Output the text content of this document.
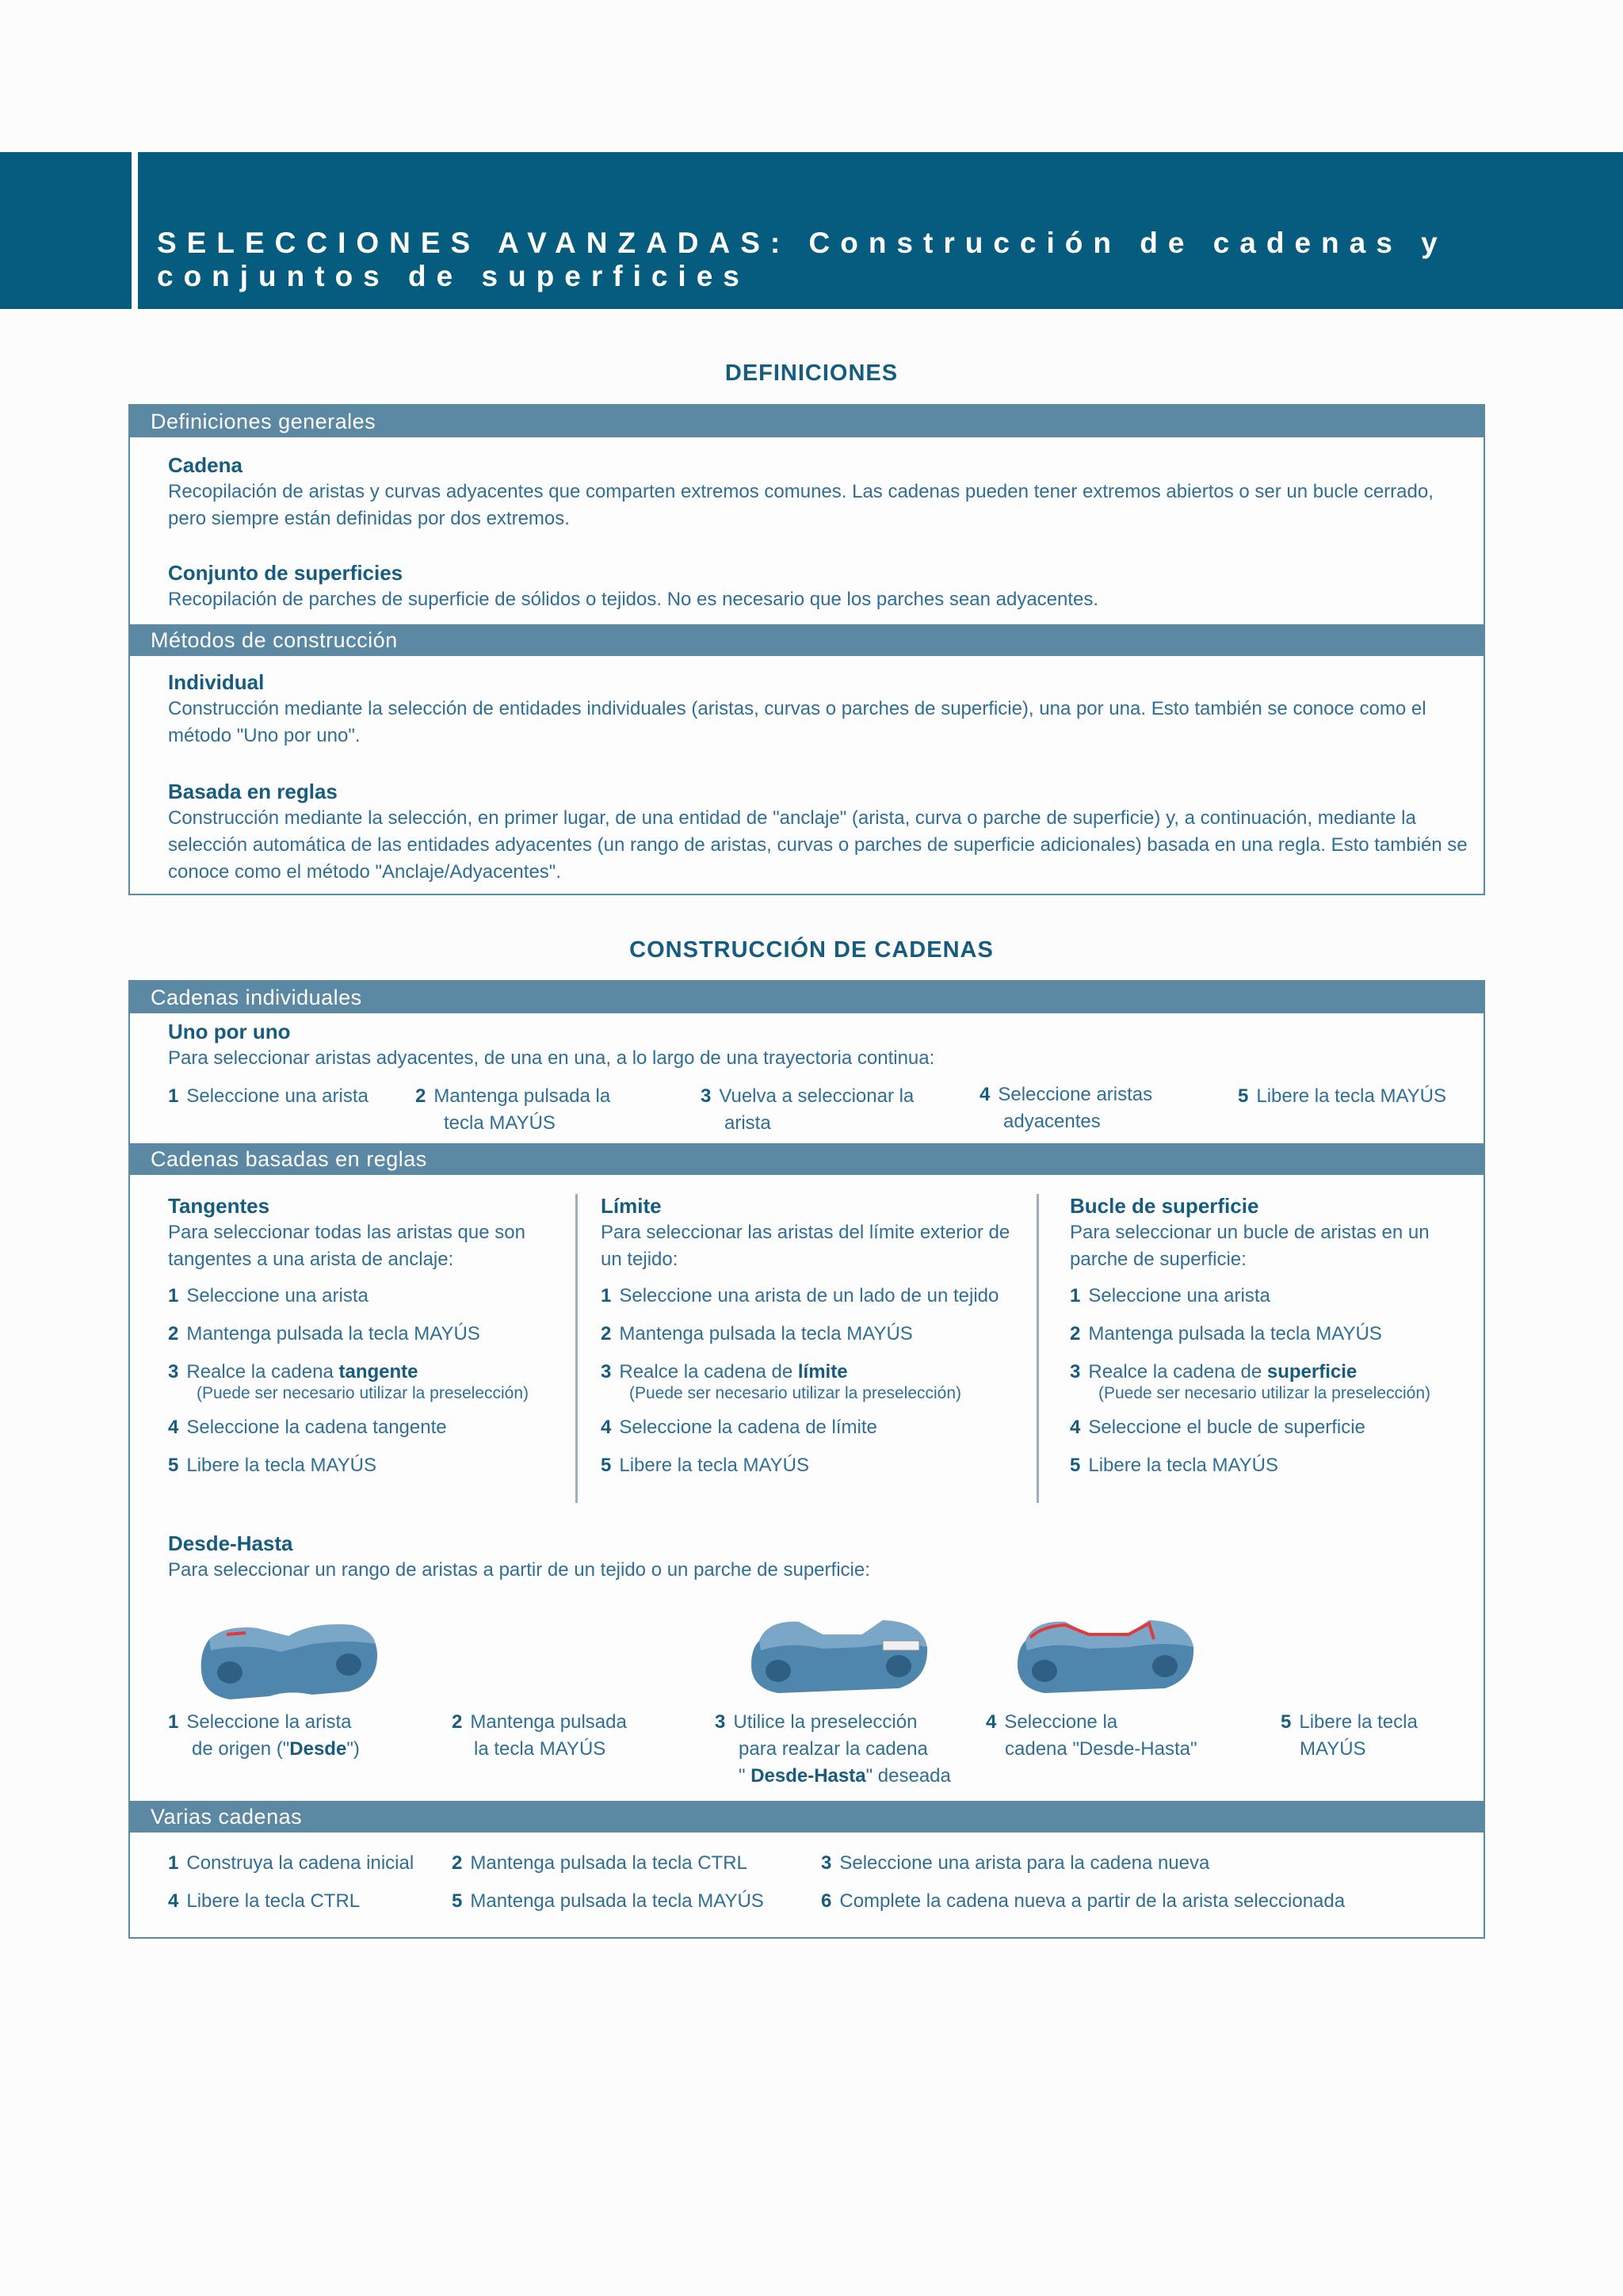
SELECCIONES AVANZADAS: Construcción de cadenas y conjuntos de superficies
DEFINICIONES
Definiciones generales
Cadena
Recopilación de aristas y curvas adyacentes que comparten extremos comunes. Las cadenas pueden tener extremos abiertos o ser un bucle cerrado, pero siempre están definidas por dos extremos.
Conjunto de superficies
Recopilación de parches de superficie de sólidos o tejidos. No es necesario que los parches sean adyacentes.
Métodos de construcción
Individual
Construcción mediante la selección de entidades individuales (aristas, curvas o parches de superficie), una por una. Esto también se conoce como el método "Uno por uno".
Basada en reglas
Construcción mediante la selección, en primer lugar, de una entidad de "anclaje" (arista, curva o parche de superficie) y, a continuación, mediante la selección automática de las entidades adyacentes (un rango de aristas, curvas o parches de superficie adicionales) basada en una regla. Esto también se conoce como el método "Anclaje/Adyacentes".
CONSTRUCCIÓN DE CADENAS
Cadenas individuales
Uno por uno
Para seleccionar aristas adyacentes, de una en una, a lo largo de una trayectoria continua:
1 Seleccione una arista	2 Mantenga pulsada la tecla MAYÚS
3 Vuelva a seleccionar la arista
4 Seleccione aristas adyacentes
5 Libere la tecla MAYÚS
Cadenas basadas en reglas
Tangentes
Para seleccionar todas las aristas que son tangentes a una arista de anclaje:
1 Seleccione una arista
2 Mantenga pulsada la tecla MAYÚS
3 Realce la cadena tangente
(Puede ser necesario utilizar la preselección)
4 Seleccione la cadena tangente
5 Libere la tecla MAYÚS
Límite
Para seleccionar las aristas del límite exterior de un tejido:
1 Seleccione una arista de un lado de un tejido
2 Mantenga pulsada la tecla MAYÚS
3 Realce la cadena de límite
(Puede ser necesario utilizar la preselección)
4 Seleccione la cadena de límite
5 Libere la tecla MAYÚS
Bucle de superficie
Para seleccionar un bucle de aristas en un parche de superficie:
1 Seleccione una arista
2 Mantenga pulsada la tecla MAYÚS
3 Realce la cadena de superficie
(Puede ser necesario utilizar la preselección)
4 Seleccione el bucle de superficie
5 Libere la tecla MAYÚS
Desde-Hasta
Para seleccionar un rango de aristas a partir de un tejido o un parche de superficie:
1 Seleccione la arista
de origen ("Desde")
2 Mantenga pulsada
la tecla MAYÚS
3 Utilice la preselección
para realzar la cadena
" Desde-Hasta" deseada
4 Seleccione la
cadena "Desde-Hasta"
5 Libere la tecla
MAYÚS
Varias cadenas
1 Construya la cadena inicial 2 Mantenga pulsada la tecla CTRL	3 Seleccione una arista para la cadena nueva
4 Libere la tecla CTRL	5 Mantenga pulsada la tecla MAYÚS	6 Complete la cadena nueva a partir de la arista seleccionada
